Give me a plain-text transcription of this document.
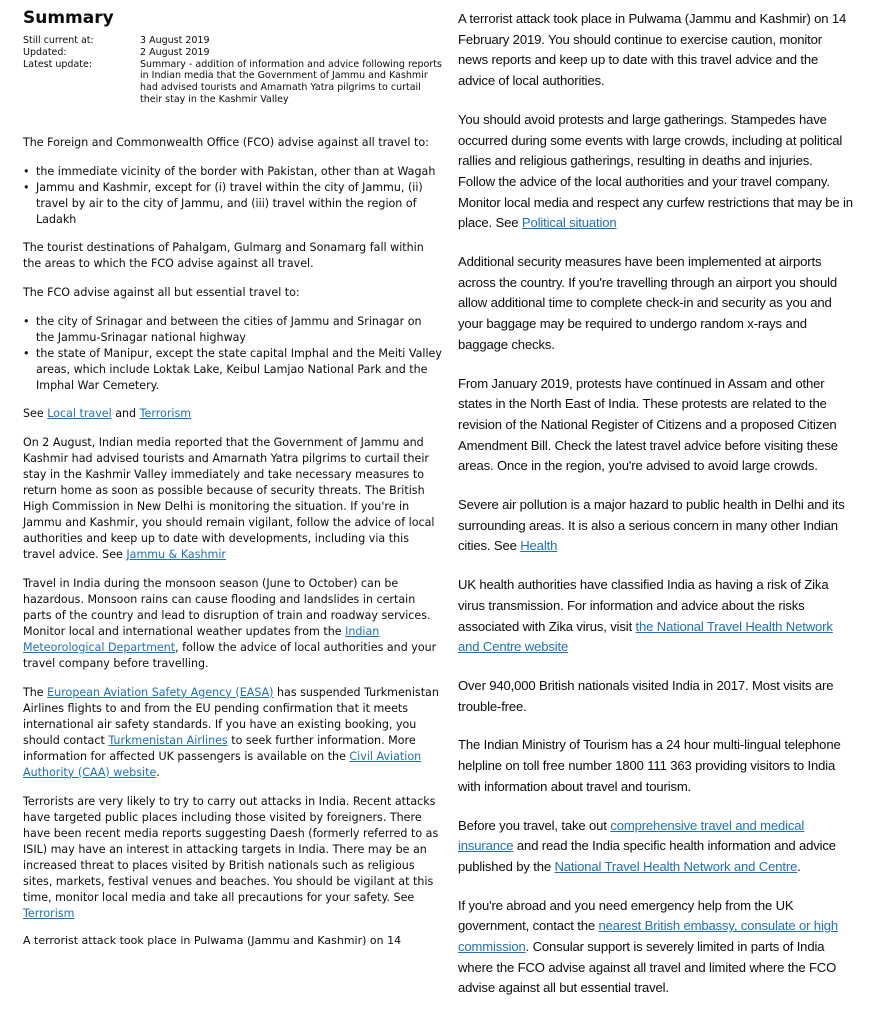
Summary
Still current at:	3 August 2019
Updated:	2 August 2019
Latest update:	Summary - addition of information and advice following reports in Indian media that the Government of Jammu and Kashmir had advised tourists and Amarnath Yatra pilgrims to curtail their stay in the Kashmir Valley

The Foreign and Commonwealth Office (FCO) advise against all travel to:

• the immediate vicinity of the border with Pakistan, other than at Wagah
• Jammu and Kashmir, except for (i) travel within the city of Jammu, (ii) travel by air to the city of Jammu, and (iii) travel within the region of Ladakh

The tourist destinations of Pahalgam, Gulmarg and Sonamarg fall within the areas to which the FCO advise against all travel.

The FCO advise against all but essential travel to:

• the city of Srinagar and between the cities of Jammu and Srinagar on the Jammu-Srinagar national highway
• the state of Manipur, except the state capital Imphal and the Meiti Valley areas, which include Loktak Lake, Keibul Lamjao National Park and the Imphal War Cemetery.

See Local travel and Terrorism

On 2 August, Indian media reported that the Government of Jammu and Kashmir had advised tourists and Amarnath Yatra pilgrims to curtail their stay in the Kashmir Valley immediately and take necessary measures to return home as soon as possible because of security threats. The British High Commission in New Delhi is monitoring the situation. If you're in Jammu and Kashmir, you should remain vigilant, follow the advice of local authorities and keep up to date with developments, including via this travel advice. See Jammu & Kashmir

Travel in India during the monsoon season (June to October) can be hazardous. Monsoon rains can cause flooding and landslides in certain parts of the country and lead to disruption of train and roadway services. Monitor local and international weather updates from the Indian Meteorological Department, follow the advice of local authorities and your travel company before travelling.

The European Aviation Safety Agency (EASA) has suspended Turkmenistan Airlines flights to and from the EU pending confirmation that it meets international air safety standards. If you have an existing booking, you should contact Turkmenistan Airlines to seek further information. More information for affected UK passengers is available on the Civil Aviation Authority (CAA) website.

Terrorists are very likely to try to carry out attacks in India. Recent attacks have targeted public places including those visited by foreigners. There have been recent media reports suggesting Daesh (formerly referred to as ISIL) may have an interest in attacking targets in India. There may be an increased threat to places visited by British nationals such as religious sites, markets, festival venues and beaches. You should be vigilant at this time, monitor local media and take all precautions for your safety. See Terrorism

A terrorist attack took place in Pulwama (Jammu and Kashmir) on 14

A terrorist attack took place in Pulwama (Jammu and Kashmir) on 14 February 2019. You should continue to exercise caution, monitor news reports and keep up to date with this travel advice and the advice of local authorities.

You should avoid protests and large gatherings. Stampedes have occurred during some events with large crowds, including at political rallies and religious gatherings, resulting in deaths and injuries. Follow the advice of the local authorities and your travel company. Monitor local media and respect any curfew restrictions that may be in place. See Political situation

Additional security measures have been implemented at airports across the country. If you're travelling through an airport you should allow additional time to complete check-in and security as you and your baggage may be required to undergo random x-rays and baggage checks.

From January 2019, protests have continued in Assam and other states in the North East of India. These protests are related to the revision of the National Register of Citizens and a proposed Citizen Amendment Bill. Check the latest travel advice before visiting these areas. Once in the region, you're advised to avoid large crowds.

Severe air pollution is a major hazard to public health in Delhi and its surrounding areas. It is also a serious concern in many other Indian cities. See Health

UK health authorities have classified India as having a risk of Zika virus transmission. For information and advice about the risks associated with Zika virus, visit the National Travel Health Network and Centre website

Over 940,000 British nationals visited India in 2017. Most visits are trouble-free.

The Indian Ministry of Tourism has a 24 hour multi-lingual telephone helpline on toll free number 1800 111 363 providing visitors to India with information about travel and tourism.

Before you travel, take out comprehensive travel and medical insurance and read the India specific health information and advice published by the National Travel Health Network and Centre.

If you're abroad and you need emergency help from the UK government, contact the nearest British embassy, consulate or high commission. Consular support is severely limited in parts of India where the FCO advise against all travel and limited where the FCO advise against all but essential travel.
